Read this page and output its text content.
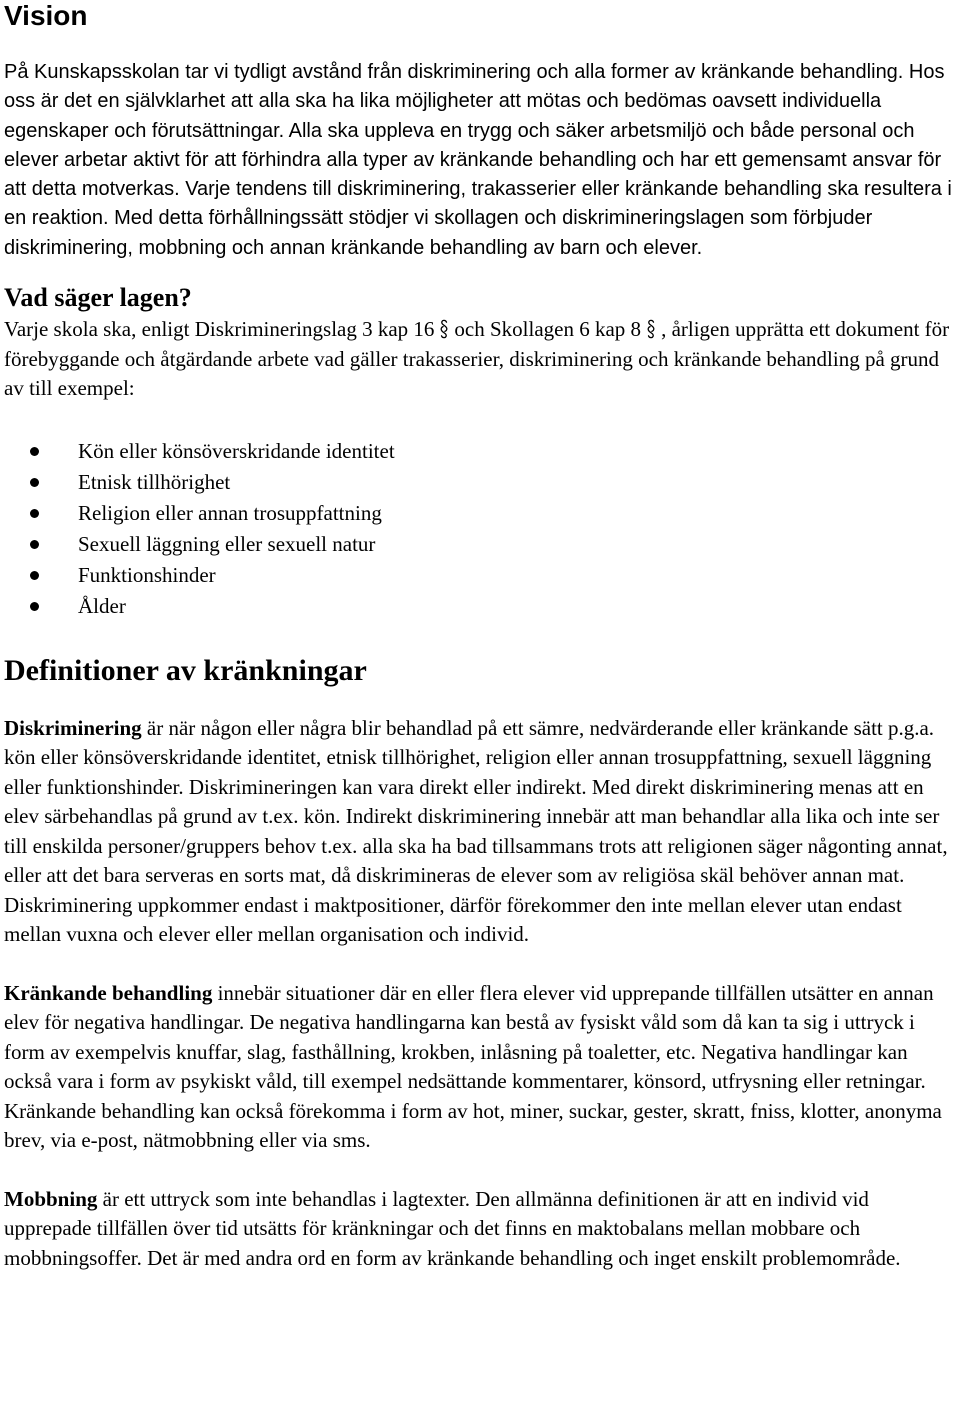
Vision

På Kunskapsskolan tar vi tydligt avstånd från diskriminering och alla former av kränkande behandling. Hos oss är det en självklarhet att alla ska ha lika möjligheter att mötas och bedömas oavsett individuella egenskaper och förutsättningar. Alla ska uppleva en trygg och säker arbetsmiljö och både personal och elever arbetar aktivt för att förhindra alla typer av kränkande behandling och har ett gemensamt ansvar för att detta motverkas. Varje tendens till diskriminering, trakasserier eller kränkande behandling ska resultera i en reaktion. Med detta förhållningssätt stödjer vi skollagen och diskrimineringslagen som förbjuder diskriminering, mobbning och annan kränkande behandling av barn och elever.

Vad säger lagen?

Varje skola ska, enligt Diskrimineringslag 3 kap 16 och Skollagen 6 kap 8 , årligen upprätta ett dokument för förebyggande och åtgärdande arbete vad gäller trakasserier, diskriminering och kränkande behandling på grund av till exempel:

Kön eller könsöverskridande identitet
Etnisk tillhörighet
Religion eller annan trosuppfattning
Sexuell läggning eller sexuell natur
Funktionshinder
Ålder
Definitioner av kränkningar

Diskriminering är när någon eller några blir behandlad på ett sämre, nedvärderande eller kränkande sätt p.g.a. kön eller könsöverskridande identitet, etnisk tillhörighet, religion eller annan trosuppfattning, sexuell läggning eller funktionshinder. Diskrimineringen kan vara direkt eller indirekt. Med direkt diskriminering menas att en elev särbehandlas på grund av t.ex. kön. Indirekt diskriminering innebär att man behandlar alla lika och inte ser till enskilda personer/gruppers behov t.ex. alla ska ha bad tillsammans trots att religionen säger någonting annat, eller att det bara serveras en sorts mat, då diskrimineras de elever som av religiösa skäl behöver annan mat. Diskriminering uppkommer endast i maktpositioner, därför förekommer den inte mellan elever utan endast mellan vuxna och elever eller mellan organisation och individ.

Kränkande behandling innebär situationer där en eller flera elever vid upprepande tillfällen utsätter en annan elev för negativa handlingar. De negativa handlingarna kan bestå av fysiskt våld som då kan ta sig i uttryck i form av exempelvis knuffar, slag, fasthållning, krokben, inlåsning på toaletter, etc. Negativa handlingar kan också vara i form av psykiskt våld, till exempel nedsättande kommentarer, könsord, utfrysning eller retningar. Kränkande behandling kan också förekomma i form av hot, miner, suckar, gester, skratt, fniss, klotter, anonyma brev, via e-post, nätmobbning eller via sms.

Mobbning är ett uttryck som inte behandlas i lagtexter. Den allmänna definitionen är att en individ vid upprepade tillfällen över tid utsätts för kränkningar och det finns en maktobalans mellan mobbare och mobbningsoffer. Det är med andra ord en form av kränkande behandling och inget enskilt problemområde.
